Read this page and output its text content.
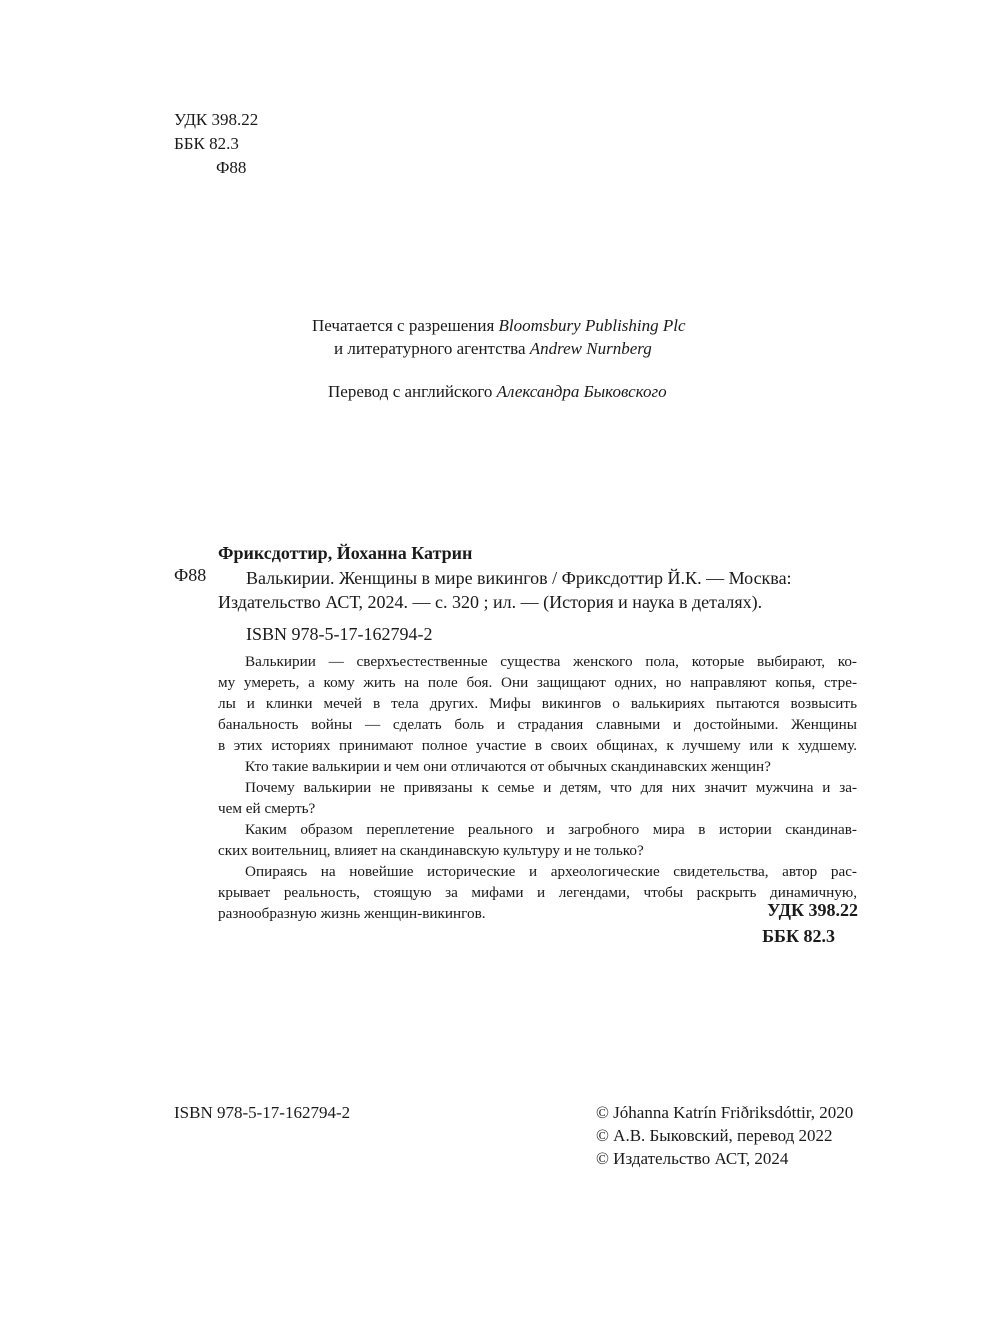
УДК 398.22
ББК 82.3
Ф88
Печатается с разрешения Bloomsbury Publishing Plc
и литературного агентства Andrew Nurnberg
Перевод с английского Александра Быковского
Фриксдоттир, Йоханна Катрин
Ф88 Валькирии. Женщины в мире викингов / Фриксдоттир Й.К. — Москва:
Издательство АСТ, 2024. — с. 320 ; ил. — (История и наука в деталях).
ISBN 978-5-17-162794-2

Валькирии — сверхъестественные существа женского пола, которые выбирают, ко-

му умереть, а кому жить на поле боя. Они защищают одних, но направляют копья, стре-

лы и клинки мечей в тела других. Мифы викингов о валькириях пытаются возвысить

банальность войны — сделать боль и страдания славными и достойными. Женщины

в этих историях принимают полное участие в своих общинах, к лучшему или к худшему.

Кто такие валькирии и чем они отличаются от обычных скандинавских женщин?

Почему валькирии не привязаны к семье и детям, что для них значит мужчина и за-

чем ей смерть?

Каким образом переплетение реального и загробного мира в истории скандинав-

ских воительниц, влияет на скандинавскую культуру и не только?

Опираясь на новейшие исторические и археологические свидетельства, автор рас-

крывает реальность, стоящую за мифами и легендами, чтобы раскрыть динамичную,

разнообразную жизнь женщин-викингов.	УДК 398.22
ББК 82.3
ISBN 978-5-17-162794-2	© Jóhanna Katrín Friðriksdóttir, 2020
© А.В. Быковский, перевод 2022
© Издательство АСТ, 2024
